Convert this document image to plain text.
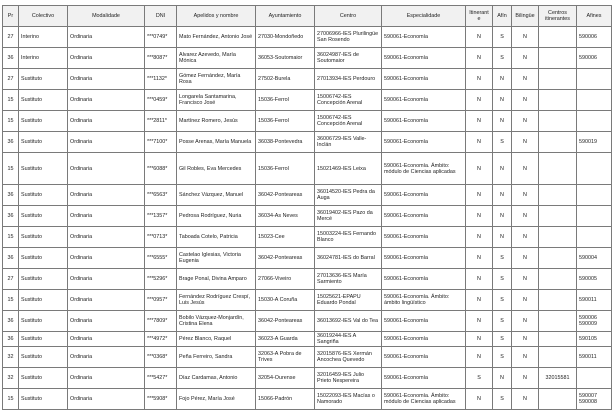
Pr	Colectivo	Modalidade	DNI	Apelidos y nombre	Ayuntamiento	Centro	Especialidade	Itinerante	Afín	Bilingüe	Centros itinerantes	Afines
27	Interino	Ordinaria	***0749*	Mato Fernández, Antonio José	27030-Mondoñedo	27006966-IES Plurilingüe San Rosendo	590061-Economía	N	S	N		590006

36	Interino	Ordinaria	***8087*	Alvarez Azevedo, María Mónica	36053-Soutomaior	36024987-IES de Soutomaior	590061-Economía	N	S	N		590006

27	Sustituto	Ordinaria	***1132*	Gómez Fernández, María Rosa	27502-Burela	27013934-IES Perdouro	590061-Economía	N	N	N		
15	Sustituto	Ordinaria	***0459*	Longarela Santamarina, Francisco José	15036-Ferrol	15006742-IES Concepción Arenal	590061-Economía	N	N	N		
15	Sustituto	Ordinaria	***2811*	Martínez Romero, Jesús	15036-Ferrol	15006742-IES Concepción Arenal	590061-Economía	N	N	N		
36	Sustituto	Ordinaria	***7100*	Posse Arenas, María Manuela	36038-Pontevedra	36006729-IES Valle-Inclán	590061-Economía	N	S	N		590019

15	Sustituto	Ordinaria	***6088*	Gil Robles, Eva Mercedes	15036-Ferrol	15021469-IES Leixa	590061-Economía. Ámbito: módulo de Ciencias aplicadas	N	N	N		
36	Sustituto	Ordinaria	***6563*	Sánchez Vázquez, Manuel	36042-Ponteareas	36014520-IES Pedra da Auga	590061-Economía	N	N	N		
36	Sustituto	Ordinaria	***1357*	Pedrosa Rodríguez, Nuria	36034-As Neves	36019402-IES Pazo da Mercé	590061-Economía	N	N	N		
15	Sustituto	Ordinaria	***0713*	Taboada Cotelo, Patricia	15023-Cee	15003224-IES Fernando Blanco	590061-Economía	N	N	N		
36	Sustituto	Ordinaria	***6555*	Castelao Iglesias, Victoria Eugenia	36042-Ponteareas	36024781-IES do Barral	590061-Economía	N	S	N		590004

27	Sustituto	Ordinaria	***5296*	Brage Ponal, Divina Amparo	27066-Viveiro	27013636-IES María Sarmiento	590061-Economía	N	S	N		590005

15	Sustituto	Ordinaria	***0957*	Fernández Rodríguez Crespí, Luis Jesús	15030-A Coruña	15025621-EPAPU Eduardo Pondal	590061-Economía. Ámbito: ámbito lingüístico	N	S	N		590011

36	Sustituto	Ordinaria	***7809*	Bobilo Vázquez-Monjardín, Cristina Elena	36042-Ponteareas	36013692-IES Val do Tea	590061-Economía	N	S	N		590006
590009

36	Sustituto	Ordinaria	***4972*	Pérez Blanco, Raquel	36023-A Guarda	36019244-IES A Sangriña	590061-Economía	N	S	N		590105

32	Sustituto	Ordinaria	***0368*	Peña Ferreiro, Sandra	32063-A Pobra de Trives	32015876-IES Xermán Ancochea Quevedo	590061-Economía	N	S	N		590011

32	Sustituto	Ordinaria	***5427*	Díaz Cardamas, Antonio	32054-Ourense	32016459-IES Julio Prieto Nespereira	590061-Economía	S	N	N	32015581	
15	Sustituto	Ordinaria	***5908*	Fojo Pérez, María José	15066-Padrón	15022093-IES Macías o Namorado	590061-Economía. Ámbito: módulo de Ciencias aplicadas	N	S	N		590007
590008
